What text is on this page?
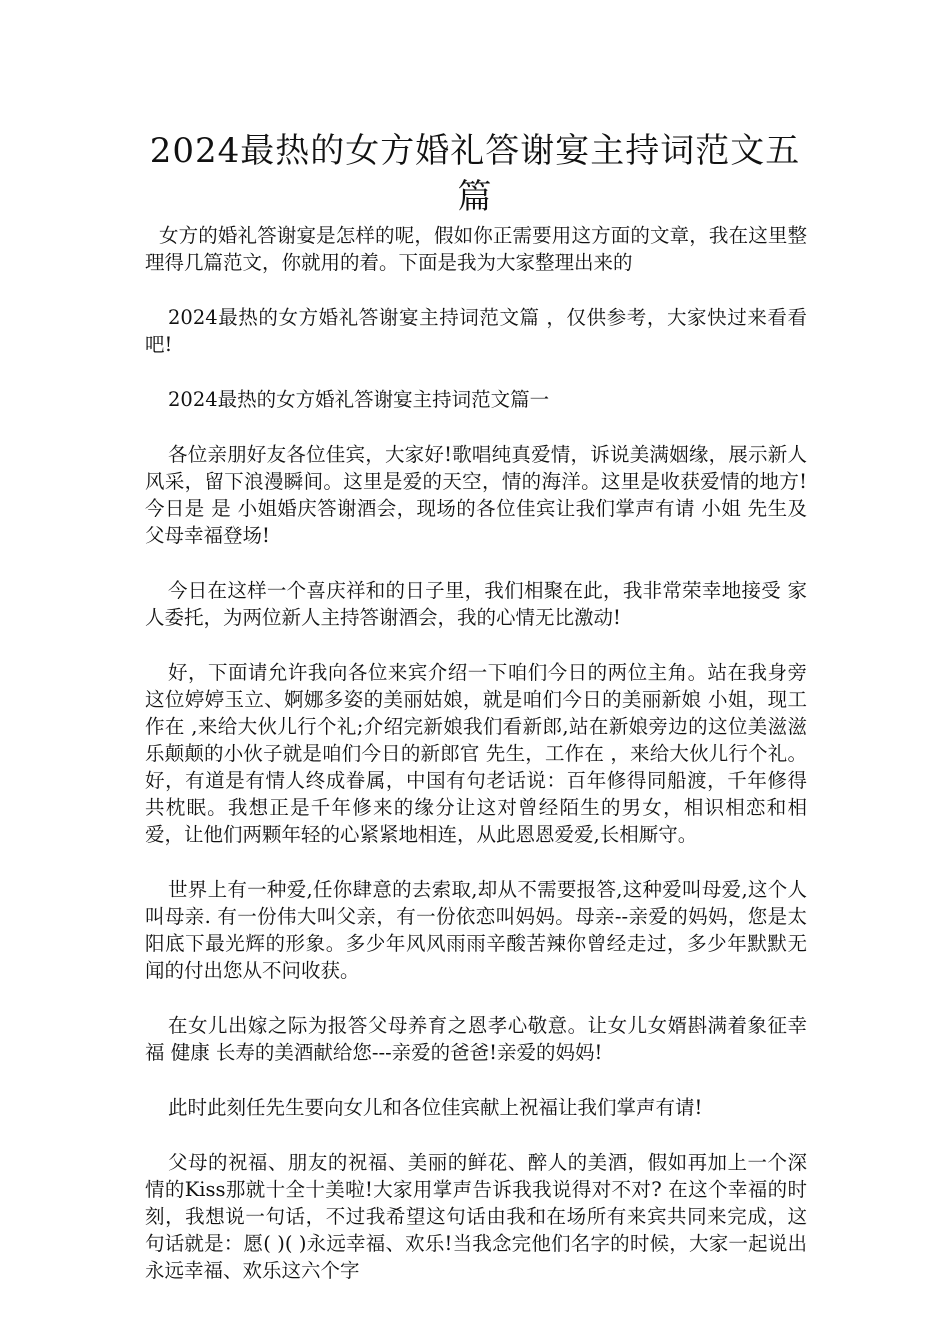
2024最热的女方婚礼答谢宴主持词范文五篇

女方的婚礼答谢宴是怎样的呢，假如你正需要用这方面的文章，我在这里整理得几篇范文，你就用的着。下面是我为大家整理出来的

2024最热的女方婚礼答谢宴主持词范文篇 ，仅供参考，大家快过来看看吧!

2024最热的女方婚礼答谢宴主持词范文篇一

各位亲朋好友各位佳宾，大家好!歌唱纯真爱情，诉说美满姻缘，展示新人风采，留下浪漫瞬间。这里是爱的天空，情的海洋。这里是收获爱情的地方!今日是 是 小姐婚庆答谢酒会，现场的各位佳宾让我们掌声有请 小姐 先生及父母幸福登场!

今日在这样一个喜庆祥和的日子里，我们相聚在此，我非常荣幸地接受 家人委托，为两位新人主持答谢酒会，我的心情无比激动!

好，下面请允许我向各位来宾介绍一下咱们今日的两位主角。站在我身旁这位婷婷玉立、婀娜多姿的美丽姑娘，就是咱们今日的美丽新娘 小姐，现工作在 ,来给大伙儿行个礼;介绍完新娘我们看新郎,站在新娘旁边的这位美滋滋乐颠颠的小伙子就是咱们今日的新郎官 先生，工作在 ，来给大伙儿行个礼。好，有道是有情人终成眷属，中国有句老话说：百年修得同船渡，千年修得共枕眠。我想正是千年修来的缘分让这对曾经陌生的男女，相识相恋和相爱，让他们两颗年轻的心紧紧地相连，从此恩恩爱爱,长相厮守。

世界上有一种爱,任你肆意的去索取,却从不需要报答,这种爱叫母爱,这个人叫母亲. 有一份伟大叫父亲，有一份依恋叫妈妈。母亲--亲爱的妈妈，您是太阳底下最光辉的形象。多少年风风雨雨辛酸苦辣你曾经走过，多少年默默无闻的付出您从不问收获。

在女儿出嫁之际为报答父母养育之恩孝心敬意。让女儿女婿斟满着象征幸福 健康 长寿的美酒献给您---亲爱的爸爸!亲爱的妈妈!

此时此刻任先生要向女儿和各位佳宾献上祝福让我们掌声有请!

父母的祝福、朋友的祝福、美丽的鲜花、醉人的美酒，假如再加上一个深情的Kiss那就十全十美啦!大家用掌声告诉我我说得对不对? 在这个幸福的时刻，我想说一句话，不过我希望这句话由我和在场所有来宾共同来完成，这句话就是：愿( )( )永远幸福、欢乐!当我念完他们名字的时候，大家一起说出永远幸福、欢乐这六个字
